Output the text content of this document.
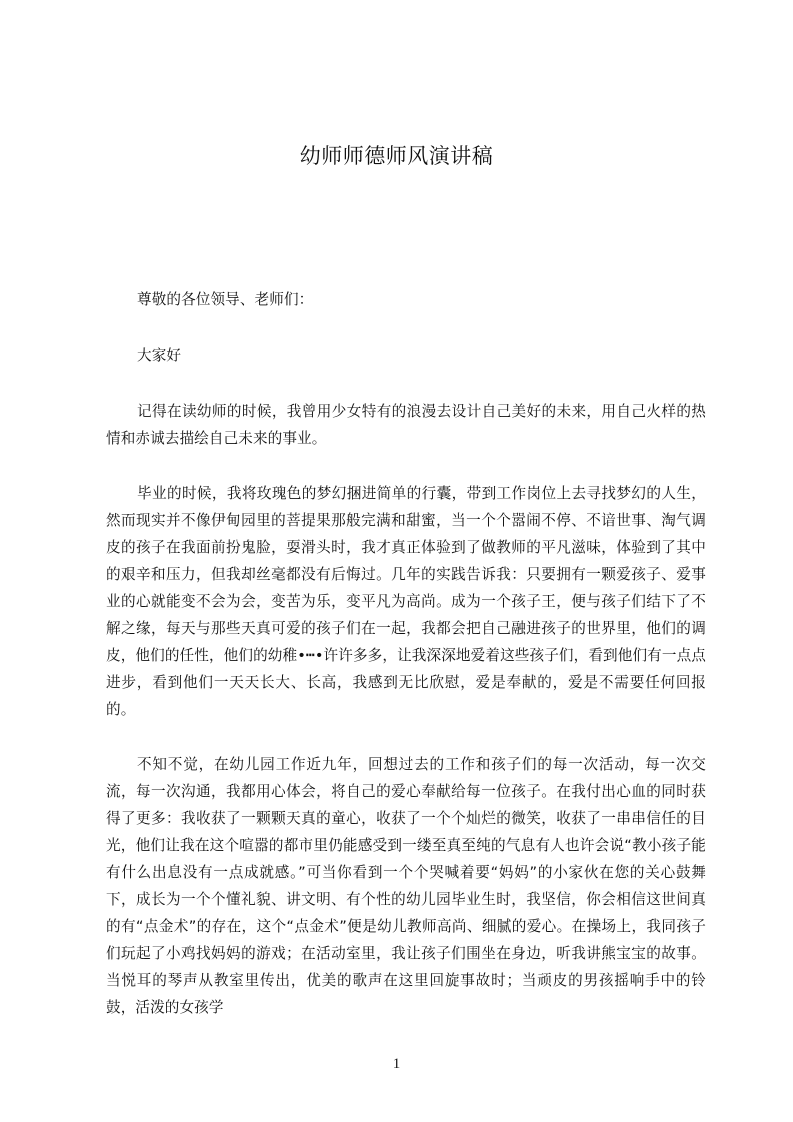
幼师师德师风演讲稿

尊敬的各位领导、老师们：

大家好

记得在读幼师的时候，我曾用少女特有的浪漫去设计自己美好的未来，用自己火样的热情和赤诚去描绘自己未来的事业。

毕业的时候，我将玫瑰色的梦幻捆进简单的行囊，带到工作岗位上去寻找梦幻的人生，然而现实并不像伊甸园里的菩提果那般完满和甜蜜，当一个个嚣闹不停、不谙世事、淘气调皮的孩子在我面前扮鬼脸，耍滑头时，我才真正体验到了做教师的平凡滋味，体验到了其中的艰辛和压力，但我却丝毫都没有后悔过。几年的实践告诉我：只要拥有一颗爱孩子、爱事业的心就能变不会为会，变苦为乐，变平凡为高尚。成为一个孩子王，便与孩子们结下了不解之缘，每天与那些天真可爱的孩子们在一起，我都会把自己融进孩子的世界里，他们的调皮，他们的任性，他们的幼稚•┅•许许多多，让我深深地爱着这些孩子们，看到他们有一点点进步，看到他们一天天长大、长高，我感到无比欣慰，爱是奉献的，爱是不需要任何回报的。

不知不觉，在幼儿园工作近九年，回想过去的工作和孩子们的每一次活动，每一次交流，每一次沟通，我都用心体会，将自己的爱心奉献给每一位孩子。在我付出心血的同时获得了更多：我收获了一颗颗天真的童心，收获了一个个灿烂的微笑，收获了一串串信任的目光，他们让我在这个喧嚣的都市里仍能感受到一缕至真至纯的气息有人也许会说“教小孩子能有什么出息没有一点成就感。”可当你看到一个个哭喊着要“妈妈”的小家伙在您的关心鼓舞下，成长为一个个懂礼貌、讲文明、有个性的幼儿园毕业生时，我坚信，你会相信这世间真的有“点金术”的存在，这个“点金术”便是幼儿教师高尚、细腻的爱心。在操场上，我同孩子们玩起了小鸡找妈妈的游戏；在活动室里，我让孩子们围坐在身边，听我讲熊宝宝的故事。当悦耳的琴声从教室里传出，优美的歌声在这里回旋事故时；当顽皮的男孩摇响手中的铃鼓，活泼的女孩学

1
